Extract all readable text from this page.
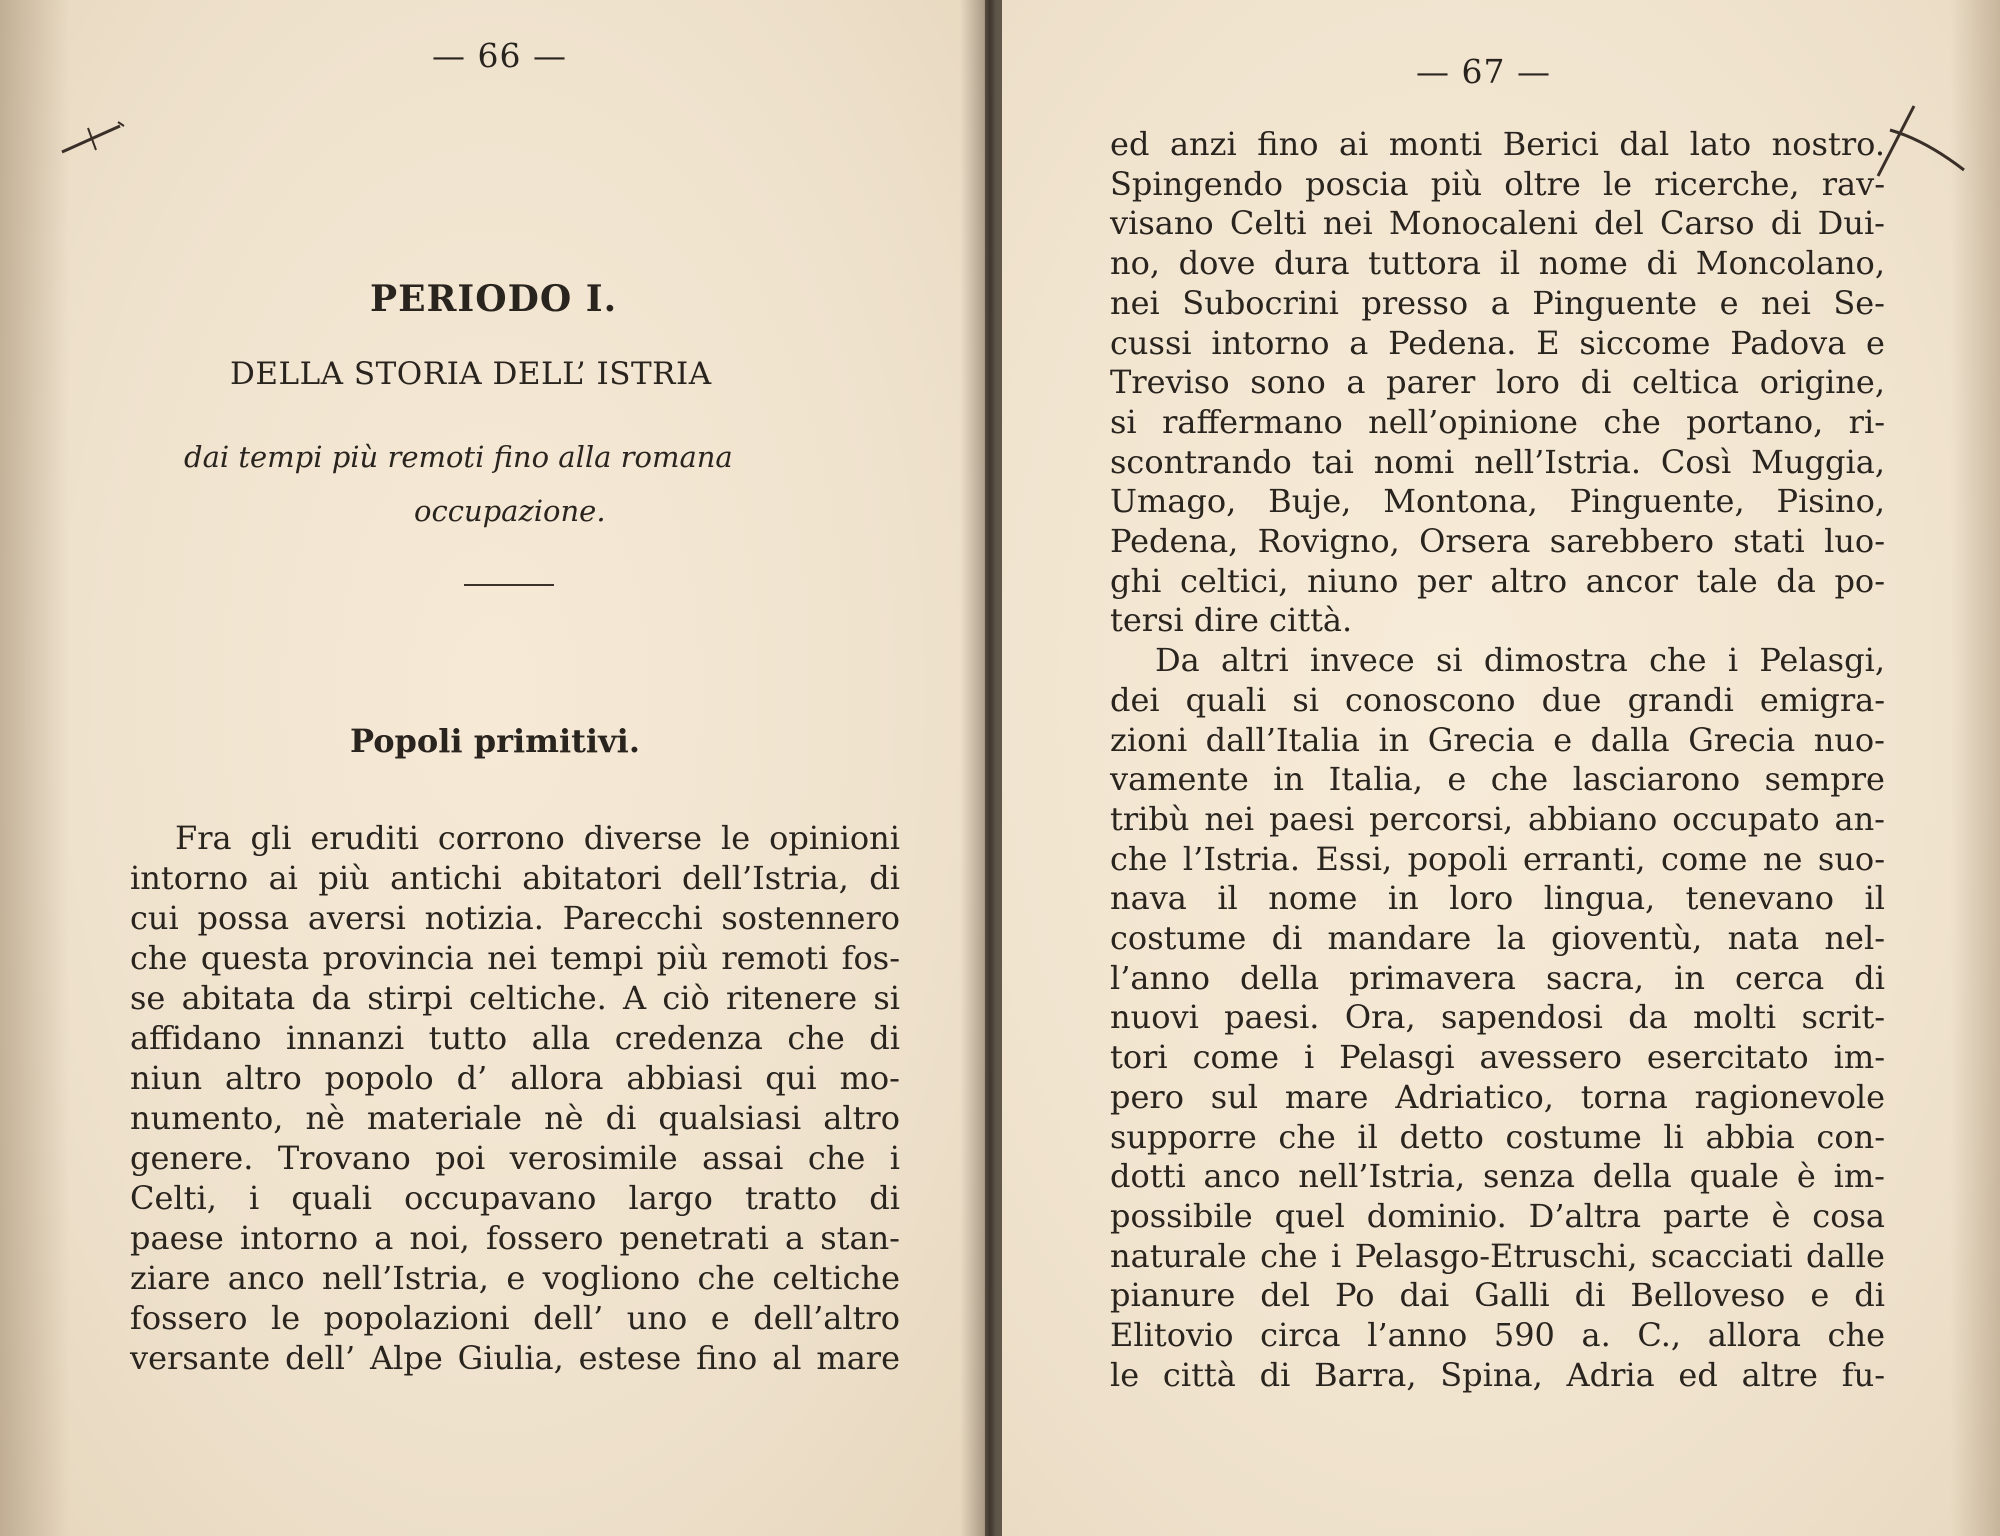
— 66 —
PERIODO I.
DELLA STORIA DELL’ ISTRIA
dai tempi più remoti fino alla romana
occupazione.
Popoli primitivi.
Fra gli eruditi corrono diverse le opinioni
intorno ai più antichi abitatori dell’Istria, di
cui possa aversi notizia. Parecchi sostennero
che questa provincia nei tempi più remoti fos-
se abitata da stirpi celtiche. A ciò ritenere si
affidano innanzi tutto alla credenza che di
niun altro popolo d’ allora abbiasi qui mo-
numento, nè materiale nè di qualsiasi altro
genere. Trovano poi verosimile assai che i
Celti, i quali occupavano largo tratto di
paese intorno a noi, fossero penetrati a stan-
ziare anco nell’Istria, e vogliono che celtiche
fossero le popolazioni dell’ uno e dell’altro
versante dell’ Alpe Giulia, estese fino al mare
— 67 —
ed anzi fino ai monti Berici dal lato nostro.
Spingendo poscia più oltre le ricerche, rav-
visano Celti nei Monocaleni del Carso di Dui-
no, dove dura tuttora il nome di Moncolano,
nei Subocrini presso a Pinguente e nei Se-
cussi intorno a Pedena. E siccome Padova e
Treviso sono a parer loro di celtica origine,
si raffermano nell’opinione che portano, ri-
scontrando tai nomi nell’Istria. Così Muggia,
Umago, Buje, Montona, Pinguente, Pisino,
Pedena, Rovigno, Orsera sarebbero stati luo-
ghi celtici, niuno per altro ancor tale da po-
tersi dire città.
Da altri invece si dimostra che i Pelasgi,
dei quali si conoscono due grandi emigra-
zioni dall’Italia in Grecia e dalla Grecia nuo-
vamente in Italia, e che lasciarono sempre
tribù nei paesi percorsi, abbiano occupato an-
che l’Istria. Essi, popoli erranti, come ne suo-
nava il nome in loro lingua, tenevano il
costume di mandare la gioventù, nata nel-
l’anno della primavera sacra, in cerca di
nuovi paesi. Ora, sapendosi da molti scrit-
tori come i Pelasgi avessero esercitato im-
pero sul mare Adriatico, torna ragionevole
supporre che il detto costume li abbia con-
dotti anco nell’Istria, senza della quale è im-
possibile quel dominio. D’altra parte è cosa
naturale che i Pelasgo-Etruschi, scacciati dalle
pianure del Po dai Galli di Belloveso e di
Elitovio circa l’anno 590 a. C., allora che
le città di Barra, Spina, Adria ed altre fu-
